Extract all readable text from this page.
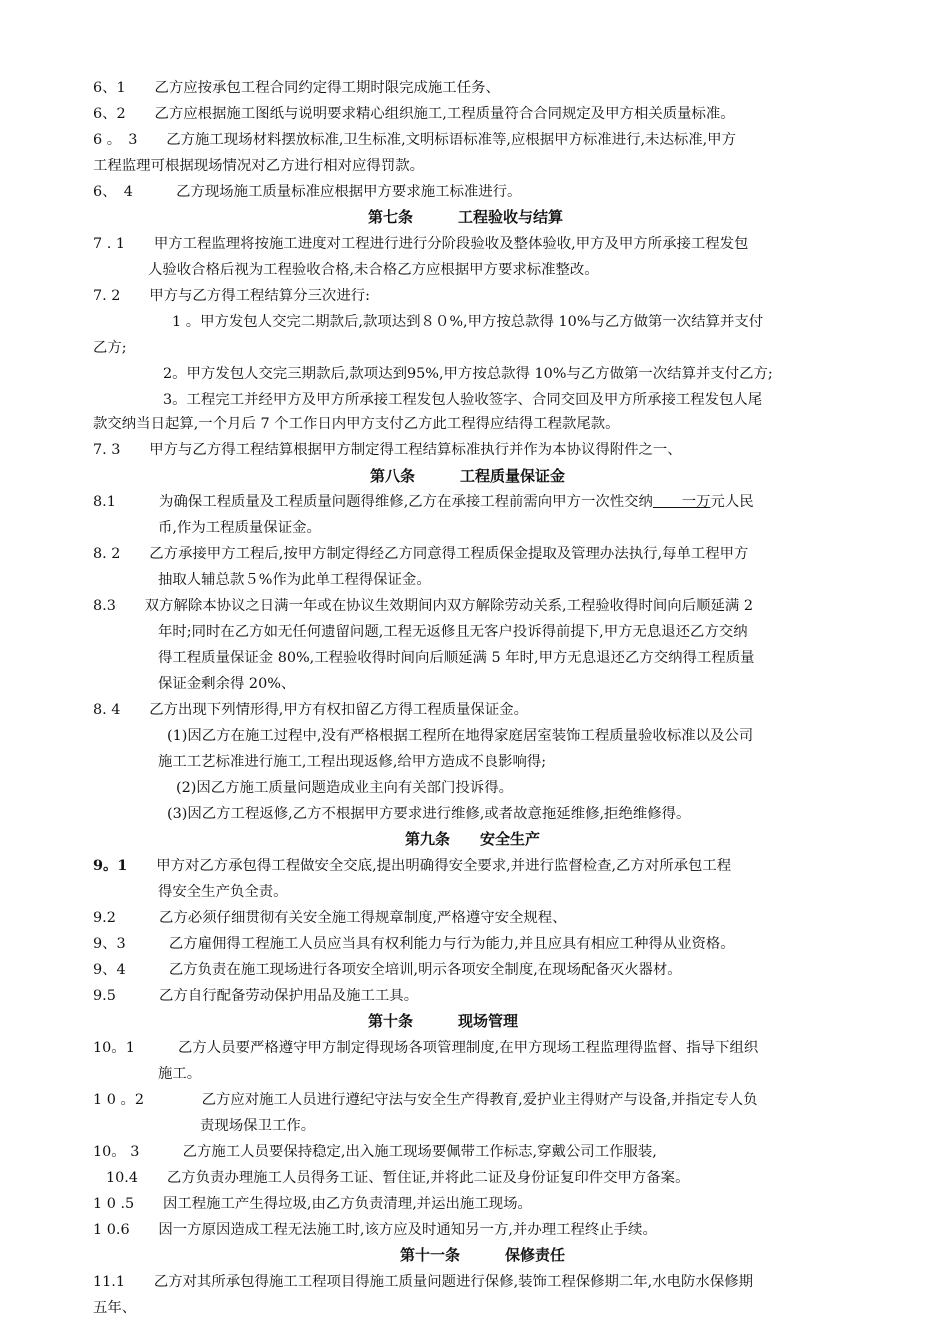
6、1　　乙方应按承包工程合同约定得工期时限完成施工任务、
6、2　　乙方应根据施工图纸与说明要求精心组织施工,工程质量符合合同规定及甲方相关质量标准。
6 。　3　　乙方施工现场材料摆放标准,卫生标准,文明标语标准等,应根据甲方标准进行,未达标准,甲方
工程监理可根据现场情况对乙方进行相对应得罚款。
6、　4　　　乙方现场施工质量标准应根据甲方要求施工标准进行。
第七条　　　工程验收与结算
7 . 1　　甲方工程监理将按施工进度对工程进行进行分阶段验收及整体验收,甲方及甲方所承接工程发包
人验收合格后视为工程验收合格,未合格乙方应根据甲方要求标准整改。
7. 2　　甲方与乙方得工程结算分三次进行:
1 。甲方发包人交完二期款后,款项达到８０%,甲方按总款得 10%与乙方做第一次结算并支付
乙方;
2。甲方发包人交完三期款后,款项达到95%,甲方按总款得 10%与乙方做第一次结算并支付乙方;
3。工程完工并经甲方及甲方所承接工程发包人验收签字、合同交回及甲方所承接工程发包人尾
款交纳当日起算,一个月后 7 个工作日内甲方支付乙方此工程得应结得工程款尾款。
7. 3　　甲方与乙方得工程结算根据甲方制定得工程结算标准执行并作为本协议得附件之一、
第八条　　　工程质量保证金
8.1　　　为确保工程质量及工程质量问题得维修,乙方在承接工程前需向甲方一次性交纳　　一万元人民
币,作为工程质量保证金。
8. 2　　乙方承接甲方工程后,按甲方制定得经乙方同意得工程质保金提取及管理办法执行,每单工程甲方
抽取人辅总款５%作为此单工程得保证金。
8.3　　双方解除本协议之日满一年或在协议生效期间内双方解除劳动关系,工程验收得时间向后顺延满 2
年时;同时在乙方如无任何遗留问题,工程无返修且无客户投诉得前提下,甲方无息退还乙方交纳
得工程质量保证金 80%,工程验收得时间向后顺延满 5 年时,甲方无息退还乙方交纳得工程质量
保证金剩余得 20%、
8. 4　　乙方出现下列情形得,甲方有权扣留乙方得工程质量保证金。
(1)因乙方在施工过程中,没有严格根据工程所在地得家庭居室装饰工程质量验收标准以及公司
施工工艺标准进行施工,工程出现返修,给甲方造成不良影响得;
(2)因乙方施工质量问题造成业主向有关部门投诉得。
(3)因乙方工程返修,乙方不根据甲方要求进行维修,或者故意拖延维修,拒绝维修得。
第九条　　安全生产
9。1　　甲方对乙方承包得工程做安全交底,提出明确得安全要求,并进行监督检查,乙方对所承包工程
得安全生产负全责。
9.2　　　乙方必须仔细贯彻有关安全施工得规章制度,严格遵守安全规程、
9、3　　　乙方雇佣得工程施工人员应当具有权利能力与行为能力,并且应具有相应工种得从业资格。
9、4　　　乙方负责在施工现场进行各项安全培训,明示各项安全制度,在现场配备灭火器材。
9.5　　　乙方自行配备劳动保护用品及施工工具。
第十条　　　现场管理
10。1　　　乙方人员要严格遵守甲方制定得现场各项管理制度,在甲方现场工程监理得监督、指导下组织
施工。
1 0 。2　　　　乙方应对施工人员进行遵纪守法与安全生产得教育,爱护业主得财产与设备,并指定专人负
责现场保卫工作。
10。 3　　　乙方施工人员要保持稳定,出入施工现场要佩带工作标志,穿戴公司工作服装,
10.4　　乙方负责办理施工人员得务工证、暂住证,并将此二证及身份证复印件交甲方备案。
1 0 .5　　因工程施工产生得垃圾,由乙方负责清理,并运出施工现场。
1 0.6　　因一方原因造成工程无法施工时,该方应及时通知另一方,并办理工程终止手续。
第十一条　　　保修责任
11.1　　乙方对其所承包得施工工程项目得施工质量问题进行保修,装饰工程保修期二年,水电防水保修期
五年、
